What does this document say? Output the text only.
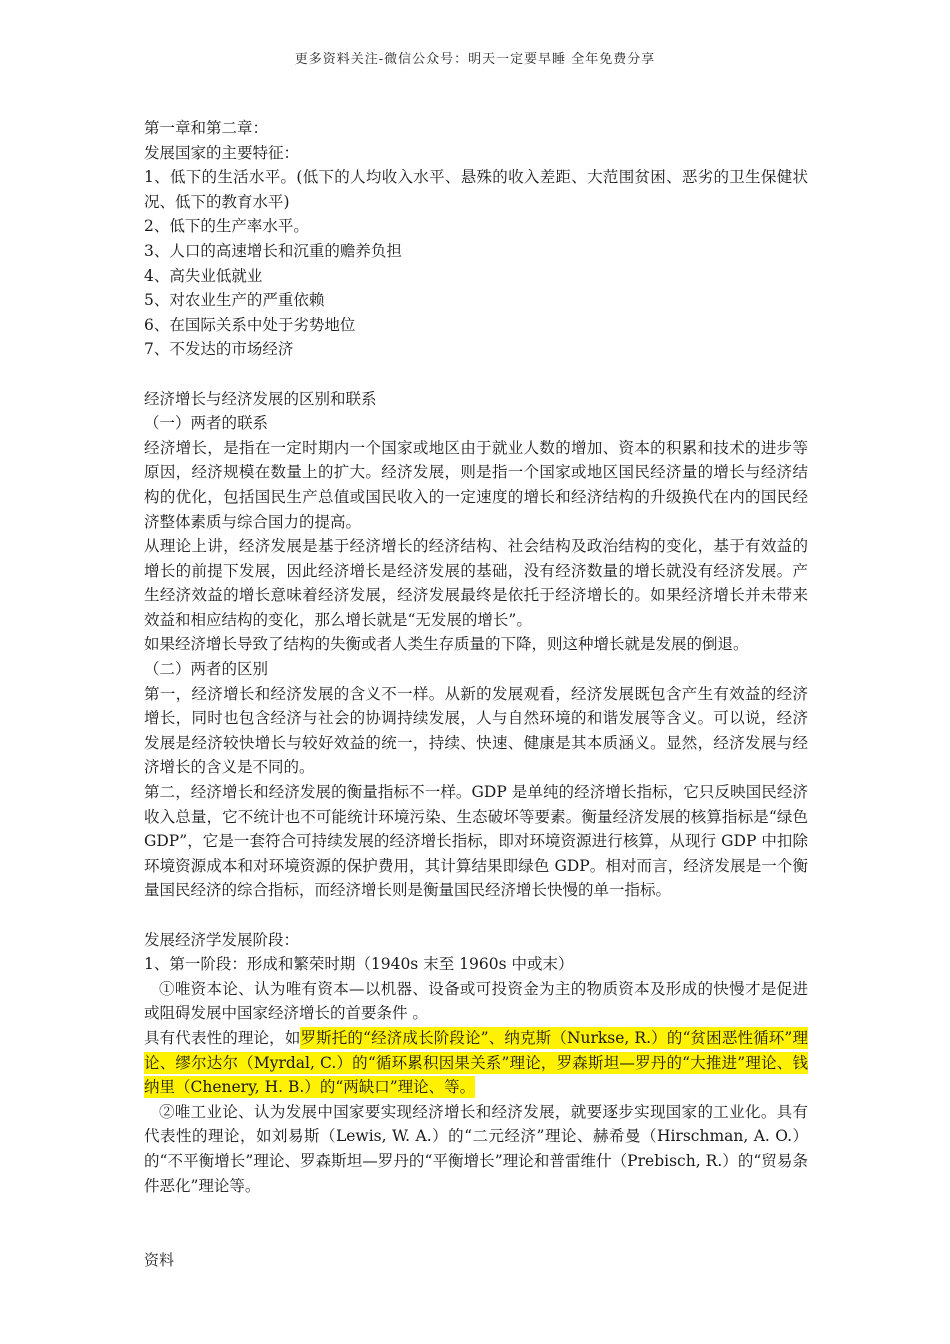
更多资料关注-微信公众号：明天一定要早睡 全年免费分享

第一章和第二章：

发展国家的主要特征：

1、低下的生活水平。(低下的人均收入水平、悬殊的收入差距、大范围贫困、恶劣的卫生保健状况、低下的教育水平)

2、低下的生产率水平。

3、人口的高速增长和沉重的赡养负担

4、高失业低就业

5、对农业生产的严重依赖

6、在国际关系中处于劣势地位

7、不发达的市场经济

经济增长与经济发展的区别和联系

（一）两者的联系

经济增长，是指在一定时期内一个国家或地区由于就业人数的增加、资本的积累和技术的进步等原因，经济规模在数量上的扩大。经济发展，则是指一个国家或地区国民经济量的增长与经济结构的优化，包括国民生产总值或国民收入的一定速度的增长和经济结构的升级换代在内的国民经济整体素质与综合国力的提高。

从理论上讲，经济发展是基于经济增长的经济结构、社会结构及政治结构的变化，基于有效益的增长的前提下发展，因此经济增长是经济发展的基础，没有经济数量的增长就没有经济发展。产生经济效益的增长意味着经济发展，经济发展最终是依托于经济增长的。如果经济增长并未带来效益和相应结构的变化，那么增长就是“无发展的增长”。

如果经济增长导致了结构的失衡或者人类生存质量的下降，则这种增长就是发展的倒退。

（二）两者的区别

第一，经济增长和经济发展的含义不一样。从新的发展观看，经济发展既包含产生有效益的经济增长，同时也包含经济与社会的协调持续发展，人与自然环境的和谐发展等含义。可以说，经济发展是经济较快增长与较好效益的统一，持续、快速、健康是其本质涵义。显然，经济发展与经济增长的含义是不同的。

第二，经济增长和经济发展的衡量指标不一样。GDP 是单纯的经济增长指标，它只反映国民经济收入总量，它不统计也不可能统计环境污染、生态破坏等要素。衡量经济发展的核算指标是“绿色 GDP”，它是一套符合可持续发展的经济增长指标，即对环境资源进行核算，从现行 GDP 中扣除环境资源成本和对环境资源的保护费用，其计算结果即绿色 GDP。相对而言，经济发展是一个衡量国民经济的综合指标，而经济增长则是衡量国民经济增长快慢的单一指标。

发展经济学发展阶段：

1、第一阶段：形成和繁荣时期（1940s 末至 1960s 中或末）

①唯资本论、认为唯有资本—以机器、设备或可投资金为主的物质资本及形成的快慢才是促进或阻碍发展中国家经济增长的首要条件 。

具有代表性的理论，如罗斯托的“经济成长阶段论”、纳克斯（Nurkse, R.）的“贫困恶性循环”理论、缪尔达尔（Myrdal, C.）的“循环累积因果关系”理论，罗森斯坦—罗丹的“大推进”理论、钱纳里（Chenery, H. B.）的“两缺口”理论、等。

②唯工业论、认为发展中国家要实现经济增长和经济发展，就要逐步实现国家的工业化。具有代表性的理论，如刘易斯（Lewis, W. A.）的“二元经济”理论、赫希曼（Hirschman, A. O.）的“不平衡增长”理论、罗森斯坦—罗丹的“平衡增长”理论和普雷维什（Prebisch, R.）的“贸易条件恶化”理论等。

资料
